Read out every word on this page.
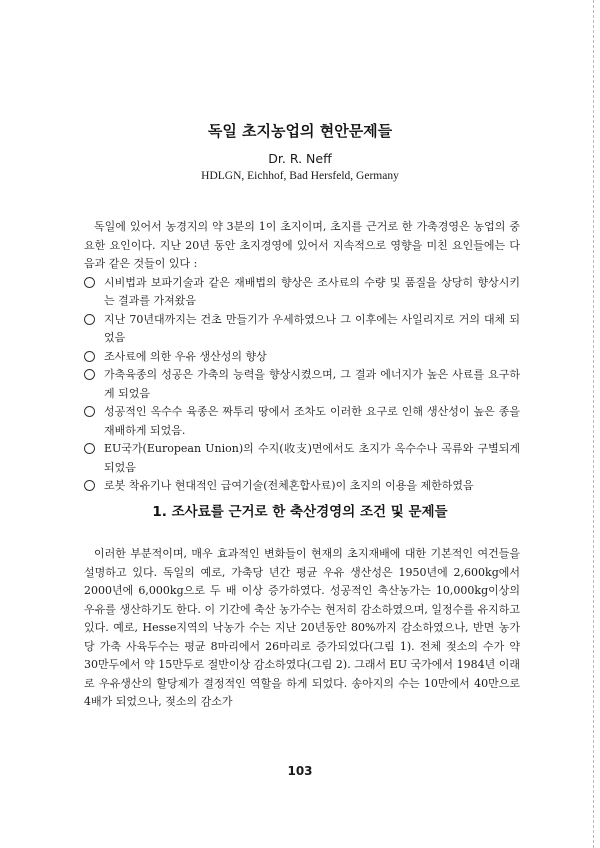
독일 초지농업의 현안문제들
Dr. R. Neff
HDLGN, Eichhof, Bad Hersfeld, Germany

독일에 있어서 농경지의 약 3분의 1이 초지이며, 초지를 근거로 한 가축경영은 농업의 중요한 요인이다. 지난 20년 동안 초지경영에 있어서 지속적으로 영향을 미친 요인들에는 다음과 같은 것들이 있다 :

시비법과 보파기술과 같은 재배법의 향상은 조사료의 수량 및 품질을 상당히 향상시키는 결과를 가져왔음
지난 70년대까지는 건초 만들기가 우세하였으나 그 이후에는 사일리지로 거의 대체 되었음
조사료에 의한 우유 생산성의 향상
가축육종의 성공은 가축의 능력을 향상시켰으며, 그 결과 에너지가 높은 사료를 요구하게 되었음
성공적인 옥수수 육종은 짜투리 땅에서 조차도 이러한 요구로 인해 생산성이 높은 종을 재배하게 되었음.
EU국가(European Union)의 수지(收支)면에서도 초지가 옥수수나 곡류와 구별되게 되었음
로봇 착유기나 현대적인 급여기술(전체혼합사료)이 초지의 이용을 제한하였음
1. 조사료를 근거로 한 축산경영의 조건 및 문제들

이러한 부분적이며, 매우 효과적인 변화들이 현재의 초지재배에 대한 기본적인 여건들을 설명하고 있다. 독일의 예로, 가축당 년간 평균 우유 생산성은 1950년에 2,600kg에서 2000년에 6,000kg으로 두 배 이상 증가하였다. 성공적인 축산농가는 10,000kg이상의 우유를 생산하기도 한다. 이 기간에 축산 농가수는 현저히 감소하였으며, 일정수를 유지하고 있다. 예로, Hesse지역의 낙농가 수는 지난 20년동안 80%까지 감소하였으나, 반면 농가 당 가축 사육두수는 평균 8마리에서 26마리로 증가되었다(그림 1). 전체 젖소의 수가 약 30만두에서 약 15만두로 절반이상 감소하였다(그림 2). 그래서 EU 국가에서 1984년 이래로 우유생산의 할당제가 결정적인 역할을 하게 되었다. 송아지의 수는 10만에서 40만으로 4배가 되었으나, 젖소의 감소가

103
